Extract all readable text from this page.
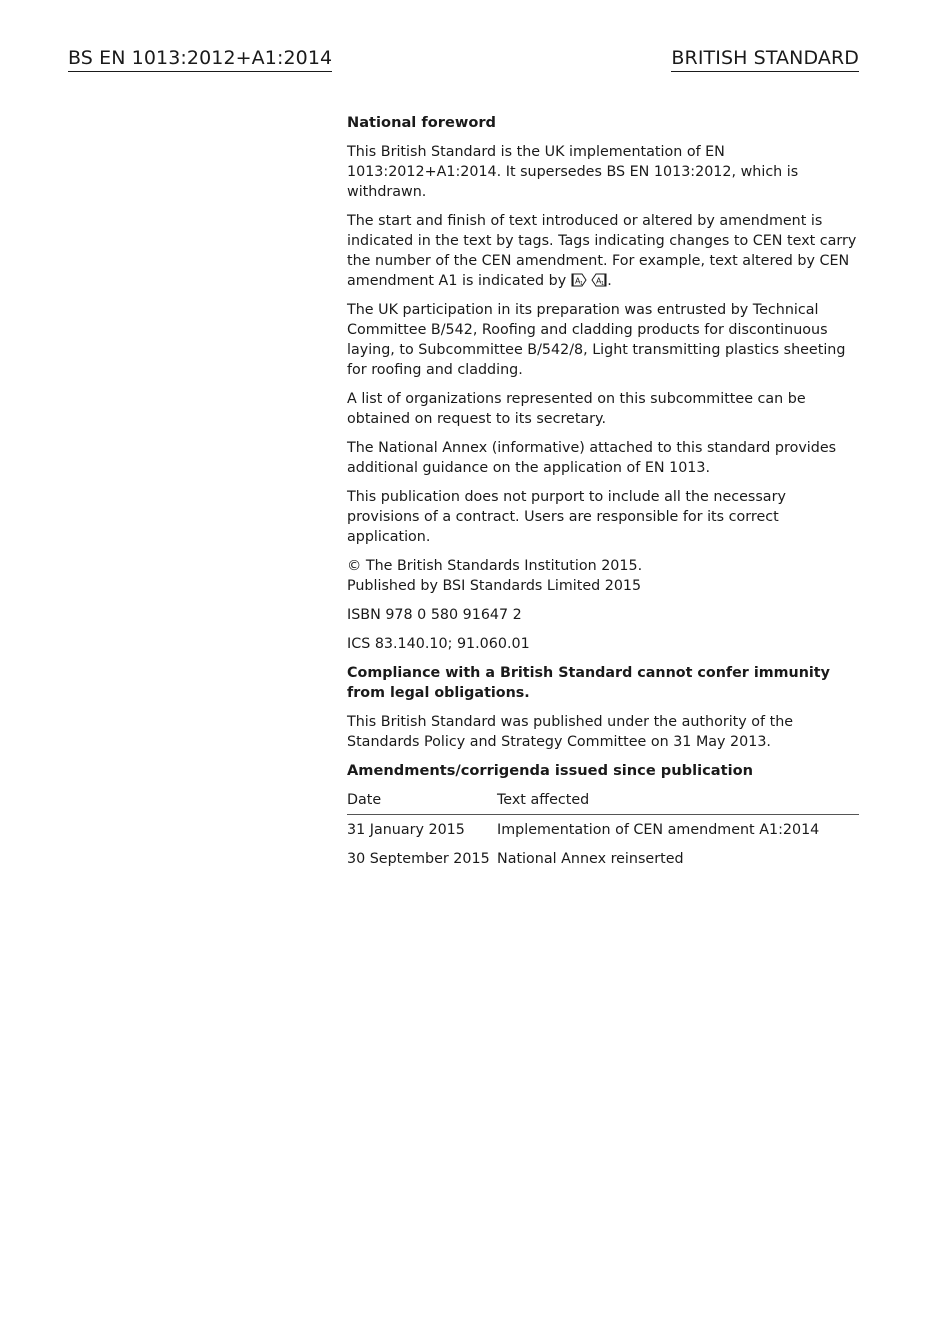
BS EN 1013:2012+A1:2014	BRITISH STANDARD
National foreword

This British Standard is the UK implementation of EN 1013:2012+A1:2014. It supersedes BS EN 1013:2012, which is withdrawn.

The start and finish of text introduced or altered by amendment is indicated in the text by tags. Tags indicating changes to CEN text carry the number of the CEN amendment. For example, text altered by CEN amendment A1 is indicated by A 1
A 1 .

The UK participation in its preparation was entrusted by Technical Committee B/542, Roofing and cladding products for discontinuous laying, to Subcommittee B/542/8, Light transmitting plastics sheeting for roofing and cladding.

A list of organizations represented on this subcommittee can be obtained on request to its secretary.

The National Annex (informative) attached to this standard provides additional guidance on the application of EN 1013.

This publication does not purport to include all the necessary provisions of a contract. Users are responsible for its correct application.

© The British Standards Institution 2015.
Published by BSI Standards Limited 2015

ISBN 978 0 580 91647 2

ICS 83.140.10; 91.060.01

Compliance with a British Standard cannot confer immunity from legal obligations.

This British Standard was published under the authority of the Standards Policy and Strategy Committee on 31 May 2013.

Amendments/corrigenda issued since publication
Date	Text affected
31 January 2015	Implementation of CEN amendment A1:2014
30 September 2015 National Annex reinserted
